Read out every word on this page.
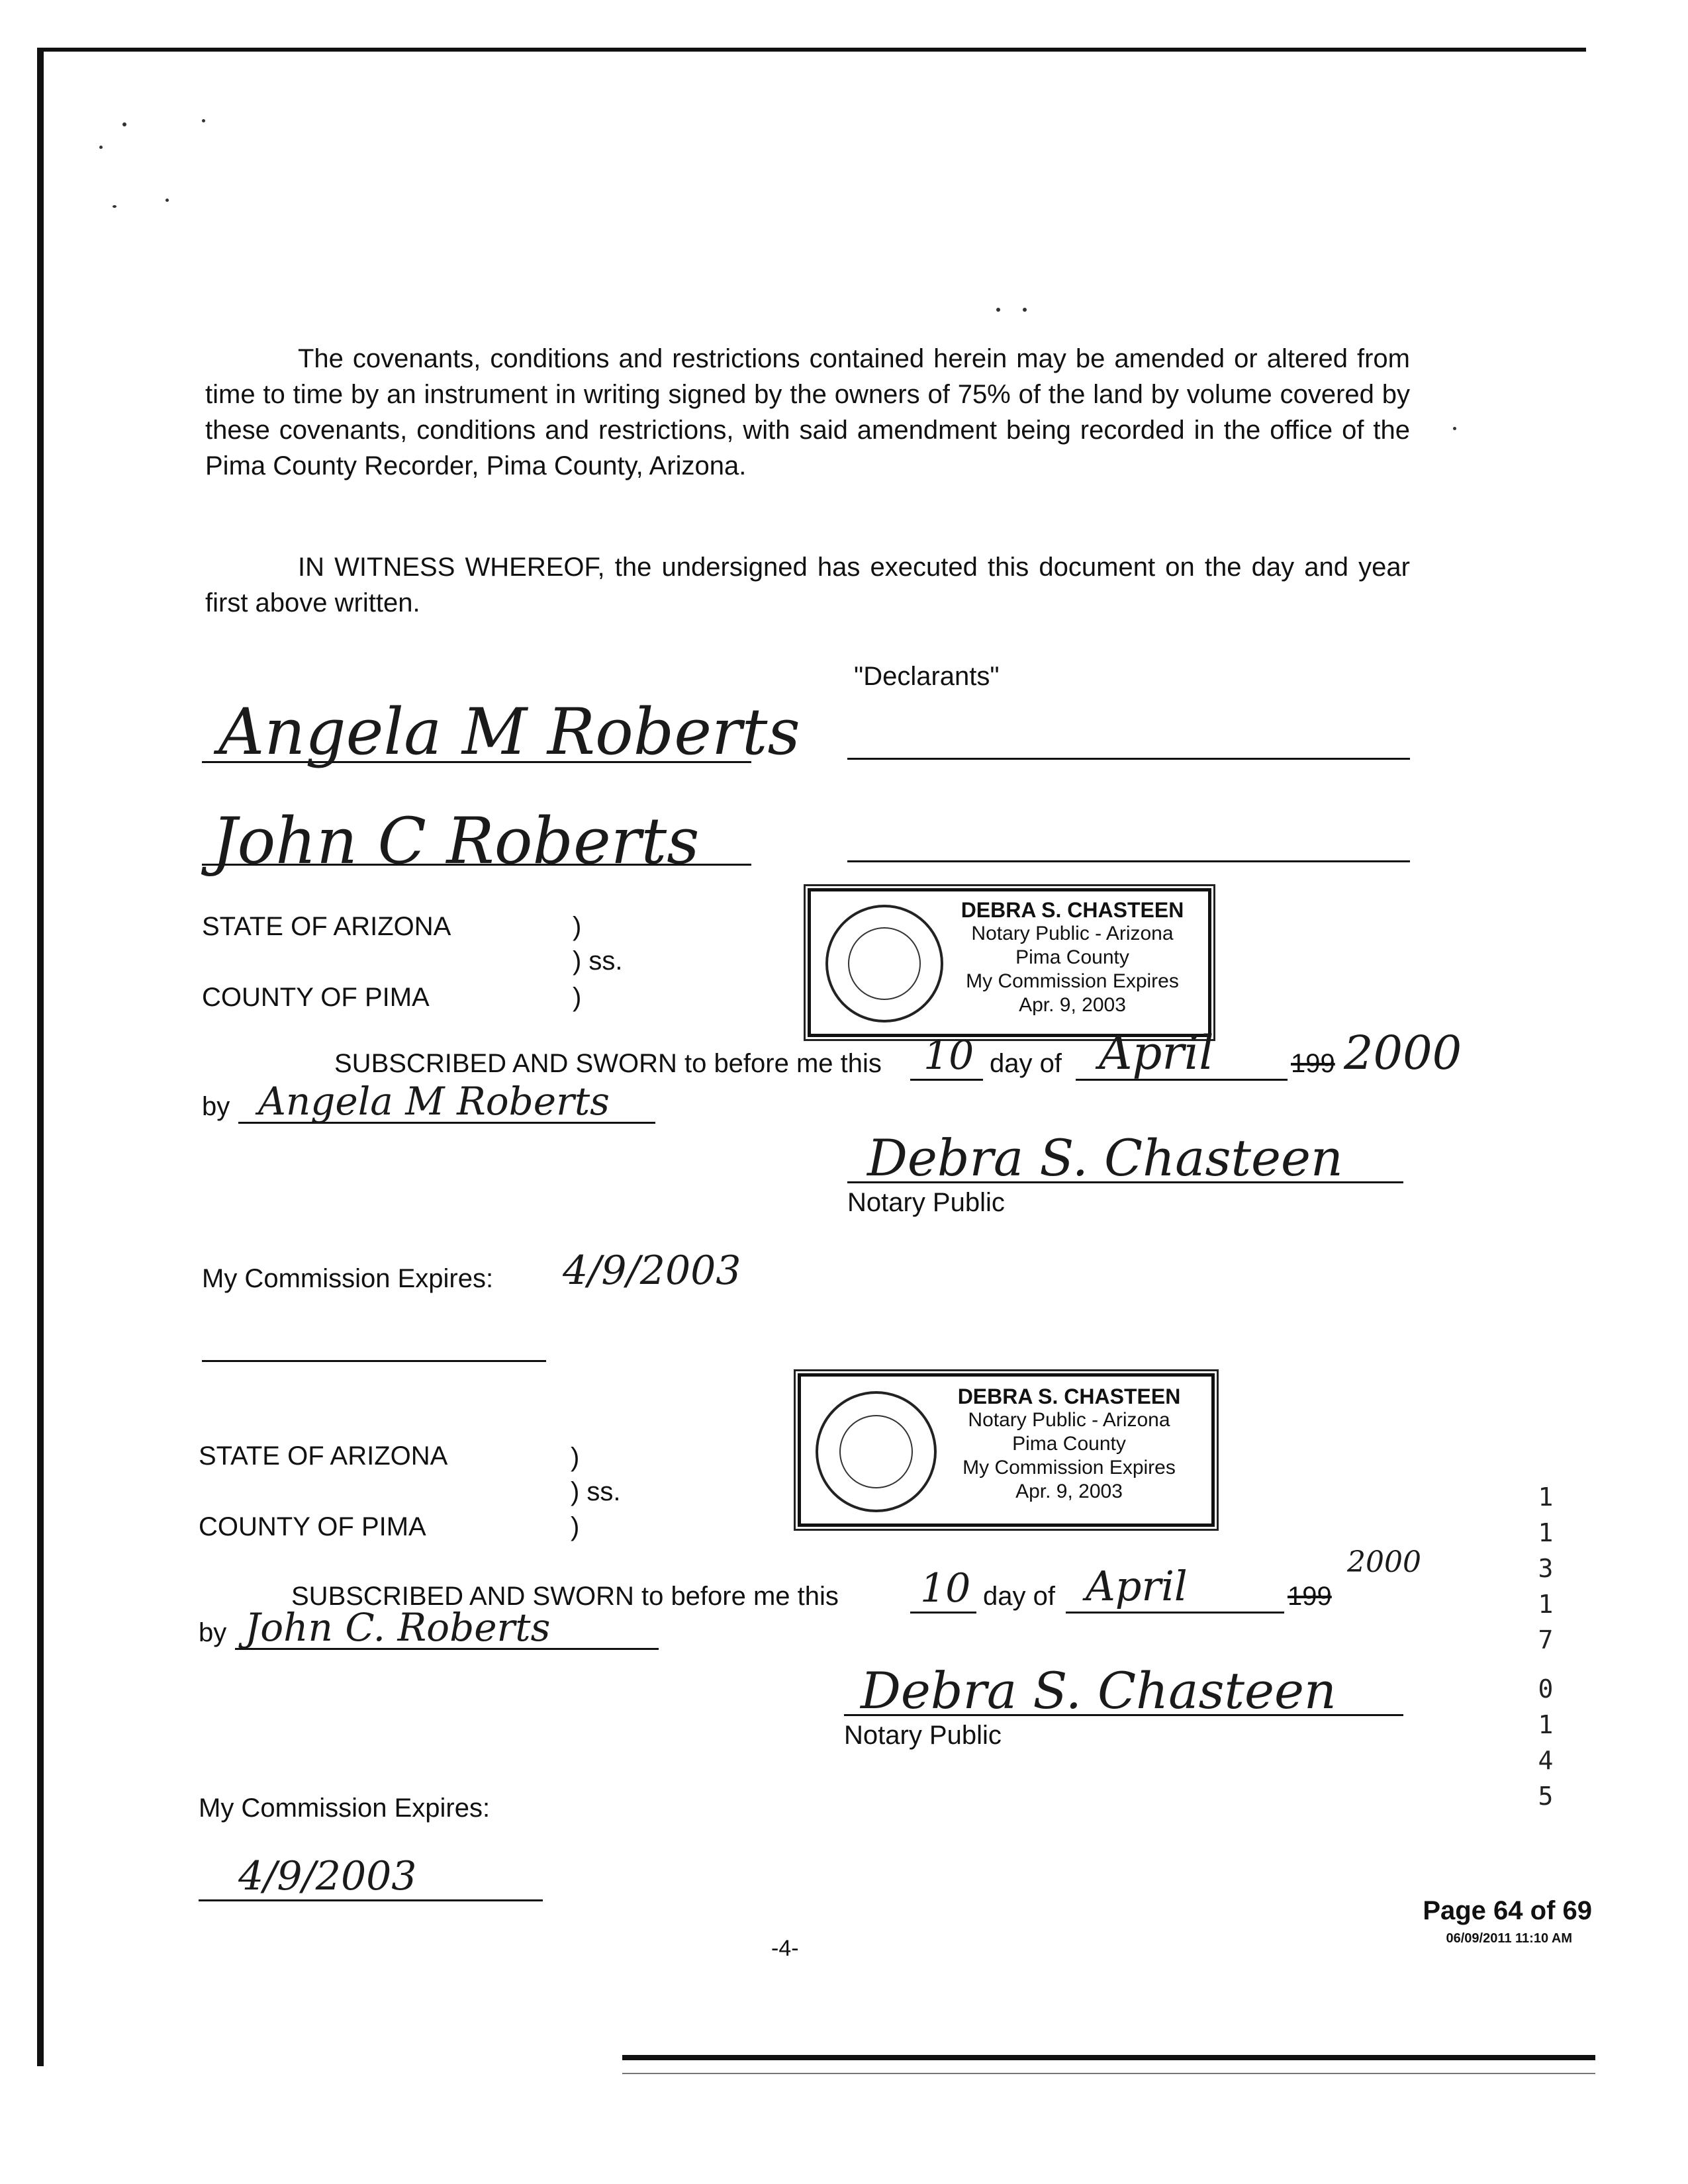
The covenants, conditions and restrictions contained herein may be amended or altered from time to time by an instrument in writing signed by the owners of 75% of the land by volume covered by these covenants, conditions and restrictions, with said amendment being recorded in the office of the Pima County Recorder, Pima County, Arizona.
IN WITNESS WHEREOF, the undersigned has executed this document on the day and year first above written.
"Declarants"
Angela M Roberts
John C Roberts
STATE OF ARIZONA	)
) ss.
COUNTY OF PIMA	)
DEBRA S. CHASTEEN
Notary Public - Arizona
Pima County
My Commission Expires
Apr. 9, 2003
SUBSCRIBED AND SWORN to before me this 10 day of April	199 2000
by Angela M Roberts
Debra S. Chasteen
Notary Public
My Commission Expires: 4/9/2003
DEBRA S. CHASTEEN
Notary Public - Arizona
Pima County
My Commission Expires
Apr. 9, 2003
STATE OF ARIZONA	)
) ss.
COUNTY OF PIMA	)
SUBSCRIBED AND SWORN to before me this 10 day of April	199
2000
by John C. Roberts
Debra S. Chasteen
Notary Public
My Commission Expires:
4/9/2003
1
1
3
1
7
0
1
4
5
-4-
Page 64 of 69
06/09/2011 11:10 AM
